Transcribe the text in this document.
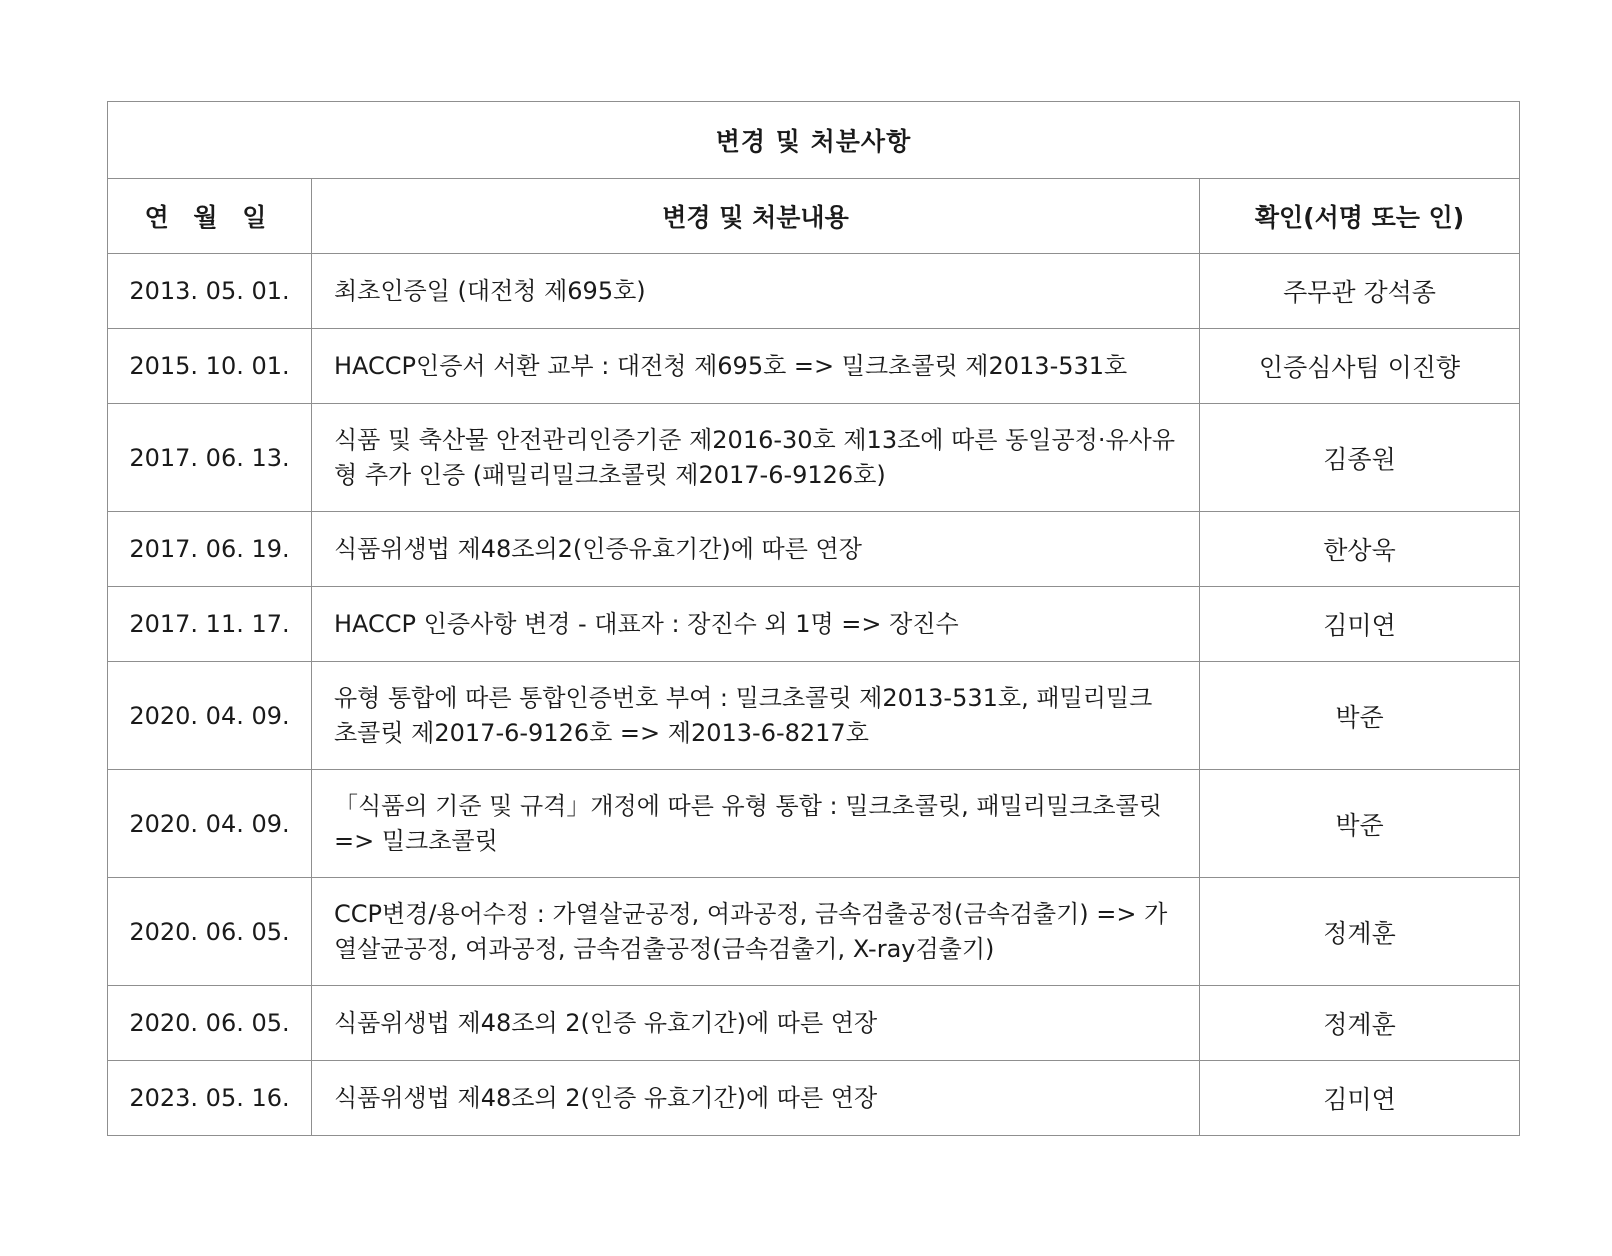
변경 및 처분사항		
연 월 일	변경 및 처분내용	확인(서명 또는 인)
2013. 05. 01.	최초인증일 (대전청 제695호)	주무관 강석종
2015. 10. 01.	HACCP인증서 서환 교부 : 대전청 제695호 => 밀크초콜릿 제2013-531호	인증심사팀 이진향
2017. 06. 13.	식품 및 축산물 안전관리인증기준 제2016-30호 제13조에 따른 동일공정·유사유형 추가 인증 (패밀리밀크초콜릿 제2017-6-9126호)	김종원
2017. 06. 19.	식품위생법 제48조의2(인증유효기간)에 따른 연장	한상욱
2017. 11. 17.	HACCP 인증사항 변경 - 대표자 : 장진수 외 1명 => 장진수	김미연
2020. 04. 09.	유형 통합에 따른 통합인증번호 부여 : 밀크초콜릿 제2013-531호, 패밀리밀크초콜릿 제2017-6-9126호 => 제2013-6-8217호	박준
2020. 04. 09.	「식품의 기준 및 규격」개정에 따른 유형 통합 : 밀크초콜릿, 패밀리밀크초콜릿 => 밀크초콜릿	박준
2020. 06. 05.	CCP변경/용어수정 : 가열살균공정, 여과공정, 금속검출공정(금속검출기) => 가열살균공정, 여과공정, 금속검출공정(금속검출기, X-ray검출기)	정계훈
2020. 06. 05.	식품위생법 제48조의 2(인증 유효기간)에 따른 연장	정계훈
2023. 05. 16.	식품위생법 제48조의 2(인증 유효기간)에 따른 연장	김미연
